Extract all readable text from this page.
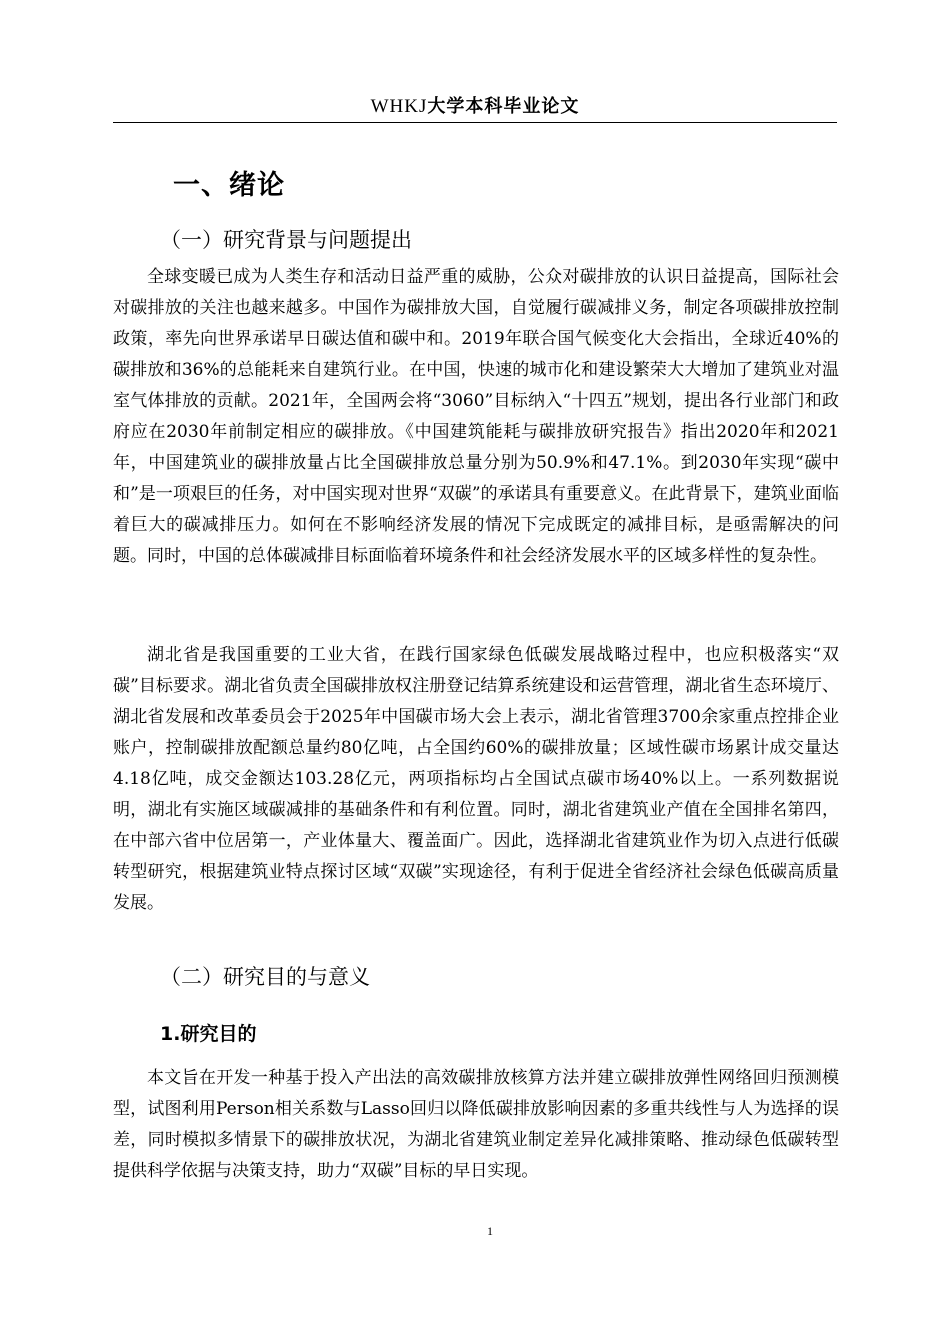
WHKJ大学本科毕业论文
一、绪论
（一）研究背景与问题提出

全球变暖已成为人类生存和活动日益严重的威胁，公众对碳排放的认识日益提高，国际社会对碳排放的关注也越来越多。中国作为碳排放大国，自觉履行碳减排义务，制定各项碳排放控制政策，率先向世界承诺早日碳达值和碳中和。2019年联合国气候变化大会指出，全球近40%的碳排放和36%的总能耗来自建筑行业。在中国，快速的城市化和建设繁荣大大增加了建筑业对温室气体排放的贡献。2021年，全国两会将“3060”目标纳入“十四五”规划，提出各行业部门和政府应在2030年前制定相应的碳排放。《中国建筑能耗与碳排放研究报告》指出2020年和2021年，中国建筑业的碳排放量占比全国碳排放总量分别为50.9%和47.1%。到2030年实现“碳中和”是一项艰巨的任务，对中国实现对世界“双碳”的承诺具有重要意义。在此背景下，建筑业面临着巨大的碳减排压力。如何在不影响经济发展的情况下完成既定的减排目标，是亟需解决的问题。同时，中国的总体碳减排目标面临着环境条件和社会经济发展水平的区域多样性的复杂性。

湖北省是我国重要的工业大省，在践行国家绿色低碳发展战略过程中，也应积极落实“双碳”目标要求。湖北省负责全国碳排放权注册登记结算系统建设和运营管理，湖北省生态环境厅、湖北省发展和改革委员会于2025年中国碳市场大会上表示，湖北省管理3700余家重点控排企业账户，控制碳排放配额总量约80亿吨，占全国约60%的碳排放量；区域性碳市场累计成交量达4.18亿吨，成交金额达103.28亿元，两项指标均占全国试点碳市场40%以上。一系列数据说明，湖北有实施区域碳减排的基础条件和有利位置。同时，湖北省建筑业产值在全国排名第四，在中部六省中位居第一，产业体量大、覆盖面广。因此，选择湖北省建筑业作为切入点进行低碳转型研究，根据建筑业特点探讨区域“双碳”实现途径，有利于促进全省经济社会绿色低碳高质量发展。

（二）研究目的与意义
1.研究目的

本文旨在开发一种基于投入产出法的高效碳排放核算方法并建立碳排放弹性网络回归预测模型，试图利用Person相关系数与Lasso回归以降低碳排放影响因素的多重共线性与人为选择的误差，同时模拟多情景下的碳排放状况，为湖北省建筑业制定差异化减排策略、推动绿色低碳转型提供科学依据与决策支持，助力“双碳”目标的早日实现。

1
